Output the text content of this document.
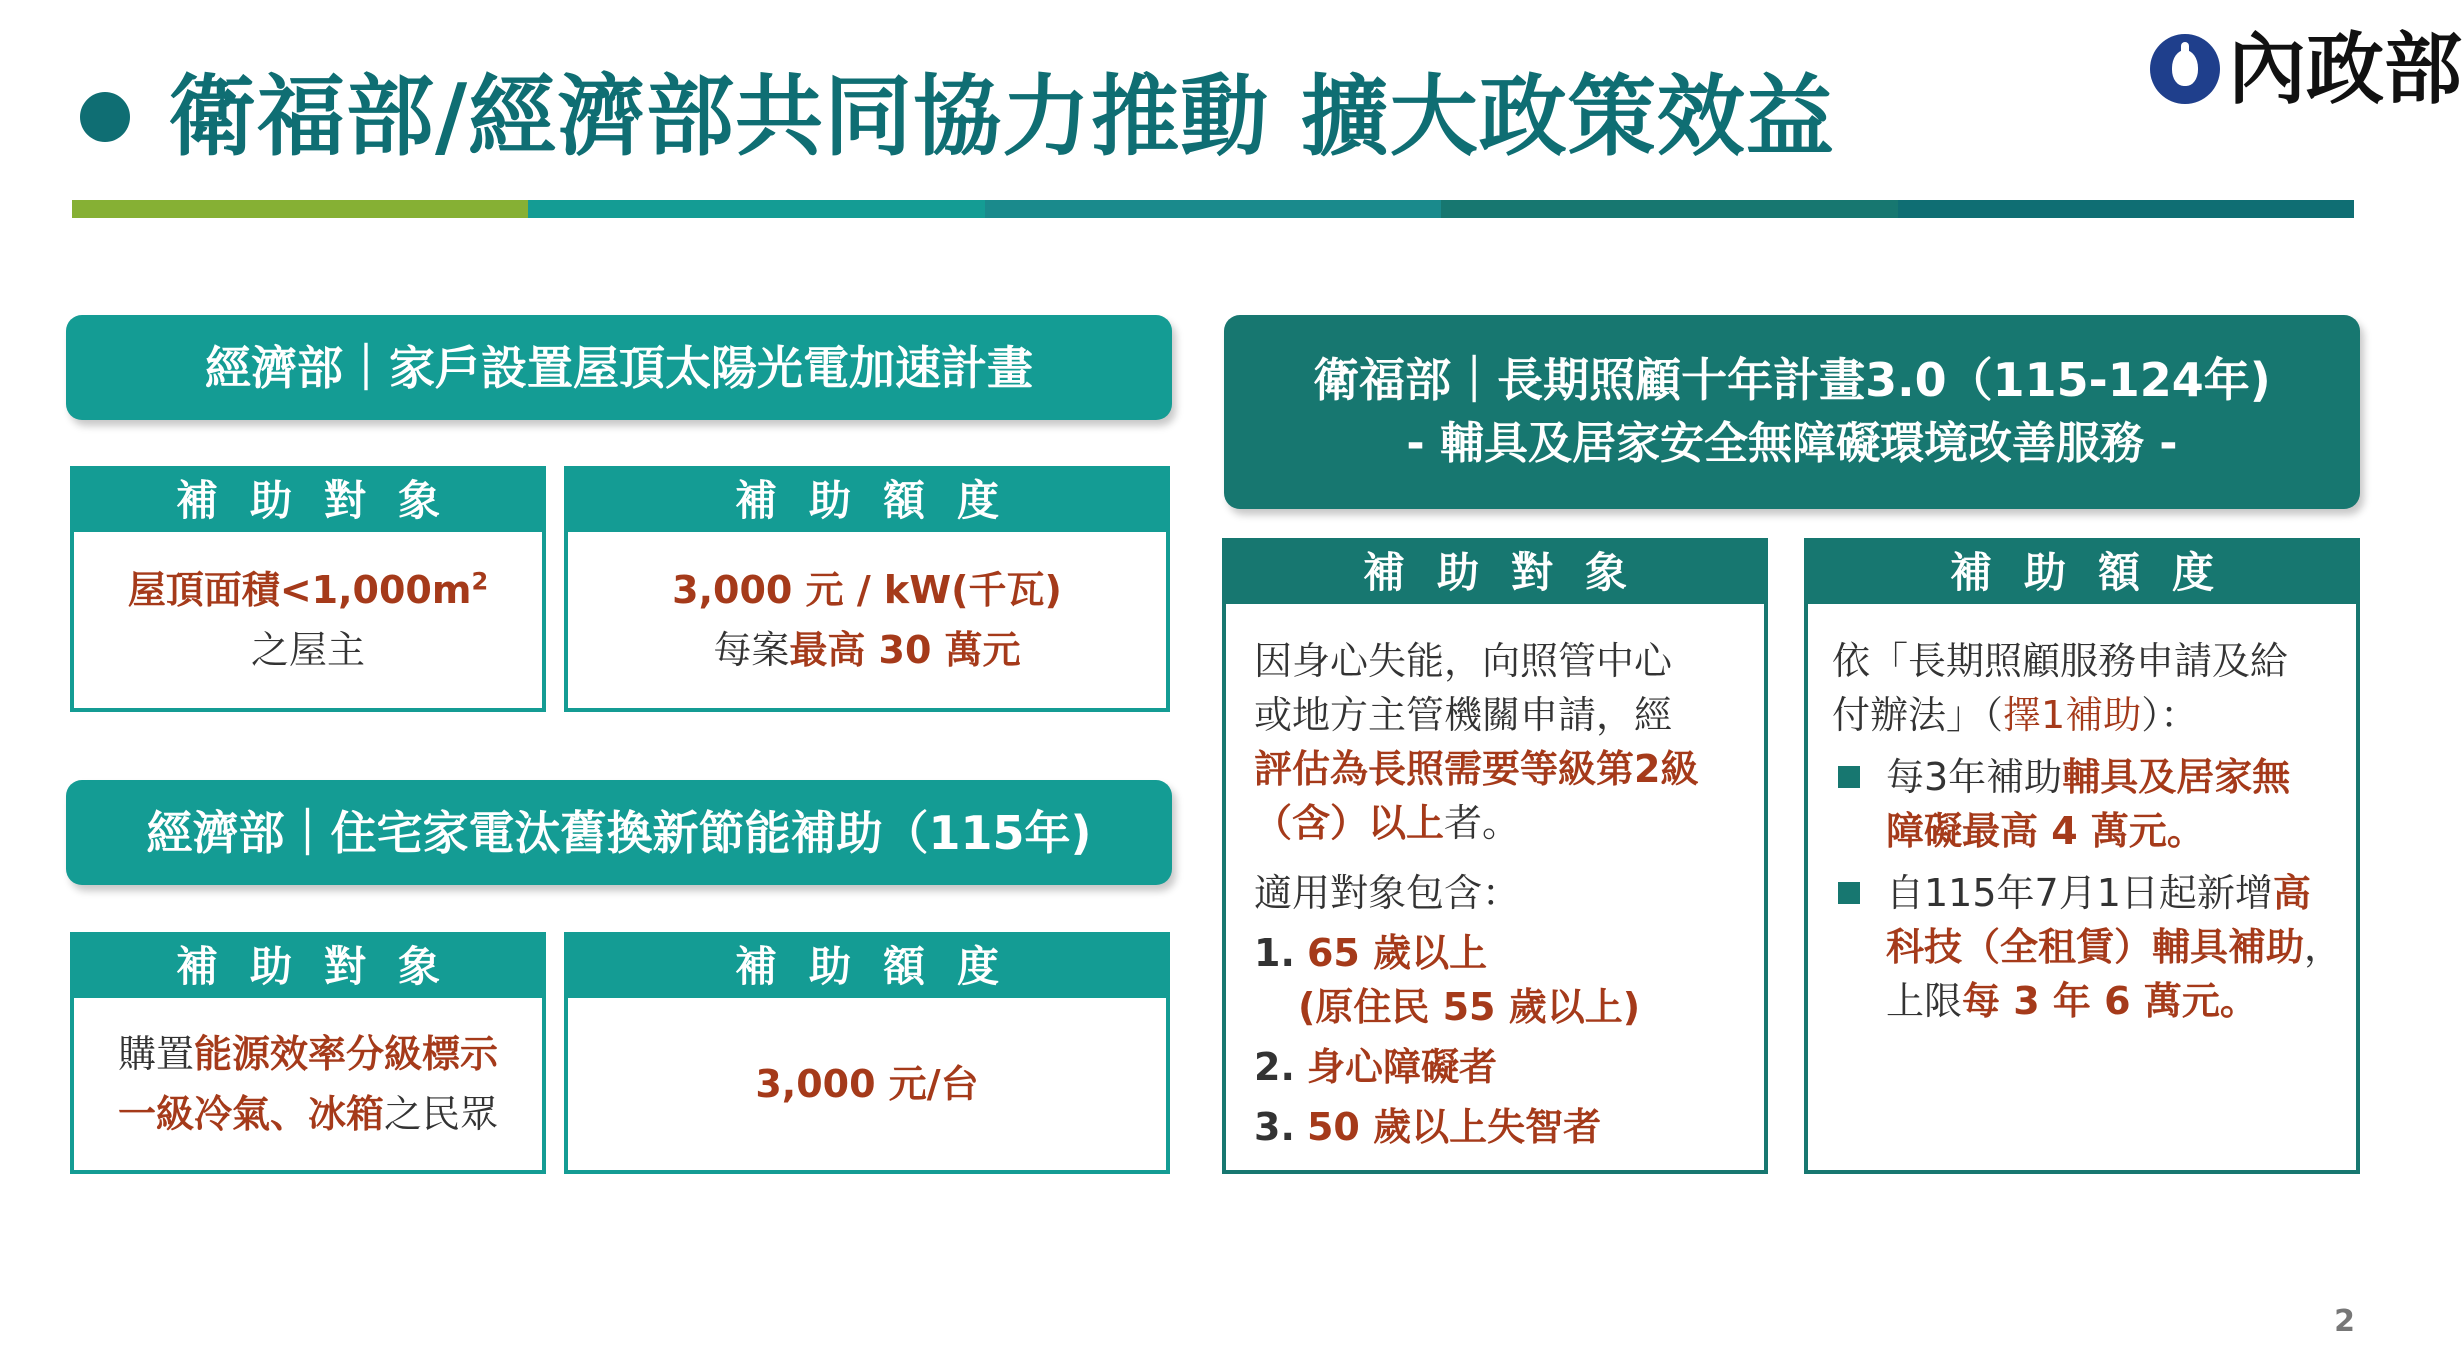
衛福部/經濟部共同協力推動 擴大政策效益	內政部
經濟部｜家戶設置屋頂太陽光電加速計畫
補助對象
屋頂面積$<1,000m^2$
之屋主
補助額度
3,000 元 / kW(千瓦)
每案最高 30 萬元
經濟部｜住宅家電汰舊換新節能補助（115年)
補助對象
購置能源效率分級標示
一級冷氣、冰箱之民眾
補助額度
3,000 元/台
衛福部｜長期照顧十年計畫3.0（115-124年)
- 輔具及居家安全無障礙環境改善服務 -
補助對象
因身心失能，向照管中心
或地方主管機關申請，經
評估為長照需要等級第2級
（含）以上者。
適用對象包含：
1. 65 歲以上
(原住民 55 歲以上)
2. 身心障礙者
3. 50 歲以上失智者
補助額度
依「長期照顧服務申請及給
付辦法」（擇1補助）：
每3年補助輔具及居家無
障礙最高 4 萬元。
自115年7月1日起新增高
科技（全租賃）輔具補助，
上限每 3 年 6 萬元。
2
